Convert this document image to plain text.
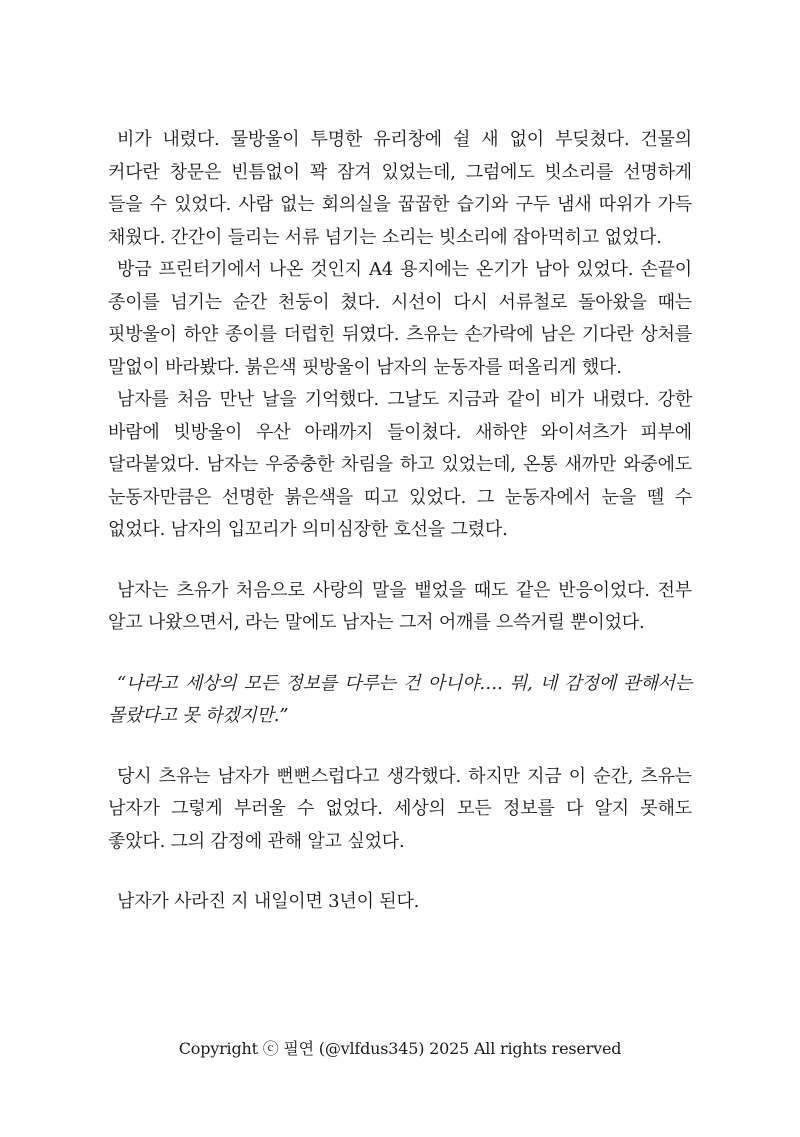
비가 내렸다. 물방울이 투명한 유리창에 쉴 새 없이 부딪쳤다. 건물의 커다란 창문은 빈틈없이 꽉 잠겨 있었는데, 그럼에도 빗소리를 선명하게 들을 수 있었다. 사람 없는 회의실을 꿉꿉한 습기와 구두 냄새 따위가 가득 채웠다. 간간이 들리는 서류 넘기는 소리는 빗소리에 잡아먹히고 없었다.

방금 프린터기에서 나온 것인지 A4 용지에는 온기가 남아 있었다. 손끝이 종이를 넘기는 순간 천둥이 쳤다. 시선이 다시 서류철로 돌아왔을 때는 핏방울이 하얀 종이를 더럽힌 뒤였다. 츠유는 손가락에 남은 기다란 상처를 말없이 바라봤다. 붉은색 핏방울이 남자의 눈동자를 떠올리게 했다.

남자를 처음 만난 날을 기억했다. 그날도 지금과 같이 비가 내렸다. 강한 바람에 빗방울이 우산 아래까지 들이쳤다. 새하얀 와이셔츠가 피부에 달라붙었다. 남자는 우중충한 차림을 하고 있었는데, 온통 새까만 와중에도 눈동자만큼은 선명한 붉은색을 띠고 있었다. 그 눈동자에서 눈을 뗄 수 없었다. 남자의 입꼬리가 의미심장한 호선을 그렸다.

남자는 츠유가 처음으로 사랑의 말을 뱉었을 때도 같은 반응이었다. 전부 알고 나왔으면서, 라는 말에도 남자는 그저 어깨를 으쓱거릴 뿐이었다.

“나라고 세상의 모든 정보를 다루는 건 아니야…. 뭐, 네 감정에 관해서는 몰랐다고 못 하겠지만.”

당시 츠유는 남자가 뻔뻔스럽다고 생각했다. 하지만 지금 이 순간, 츠유는 남자가 그렇게 부러울 수 없었다. 세상의 모든 정보를 다 알지 못해도 좋았다. 그의 감정에 관해 알고 싶었다.

남자가 사라진 지 내일이면 3년이 된다.

Copyright ⓒ 필연 (@vlfdus345) 2025 All rights reserved
